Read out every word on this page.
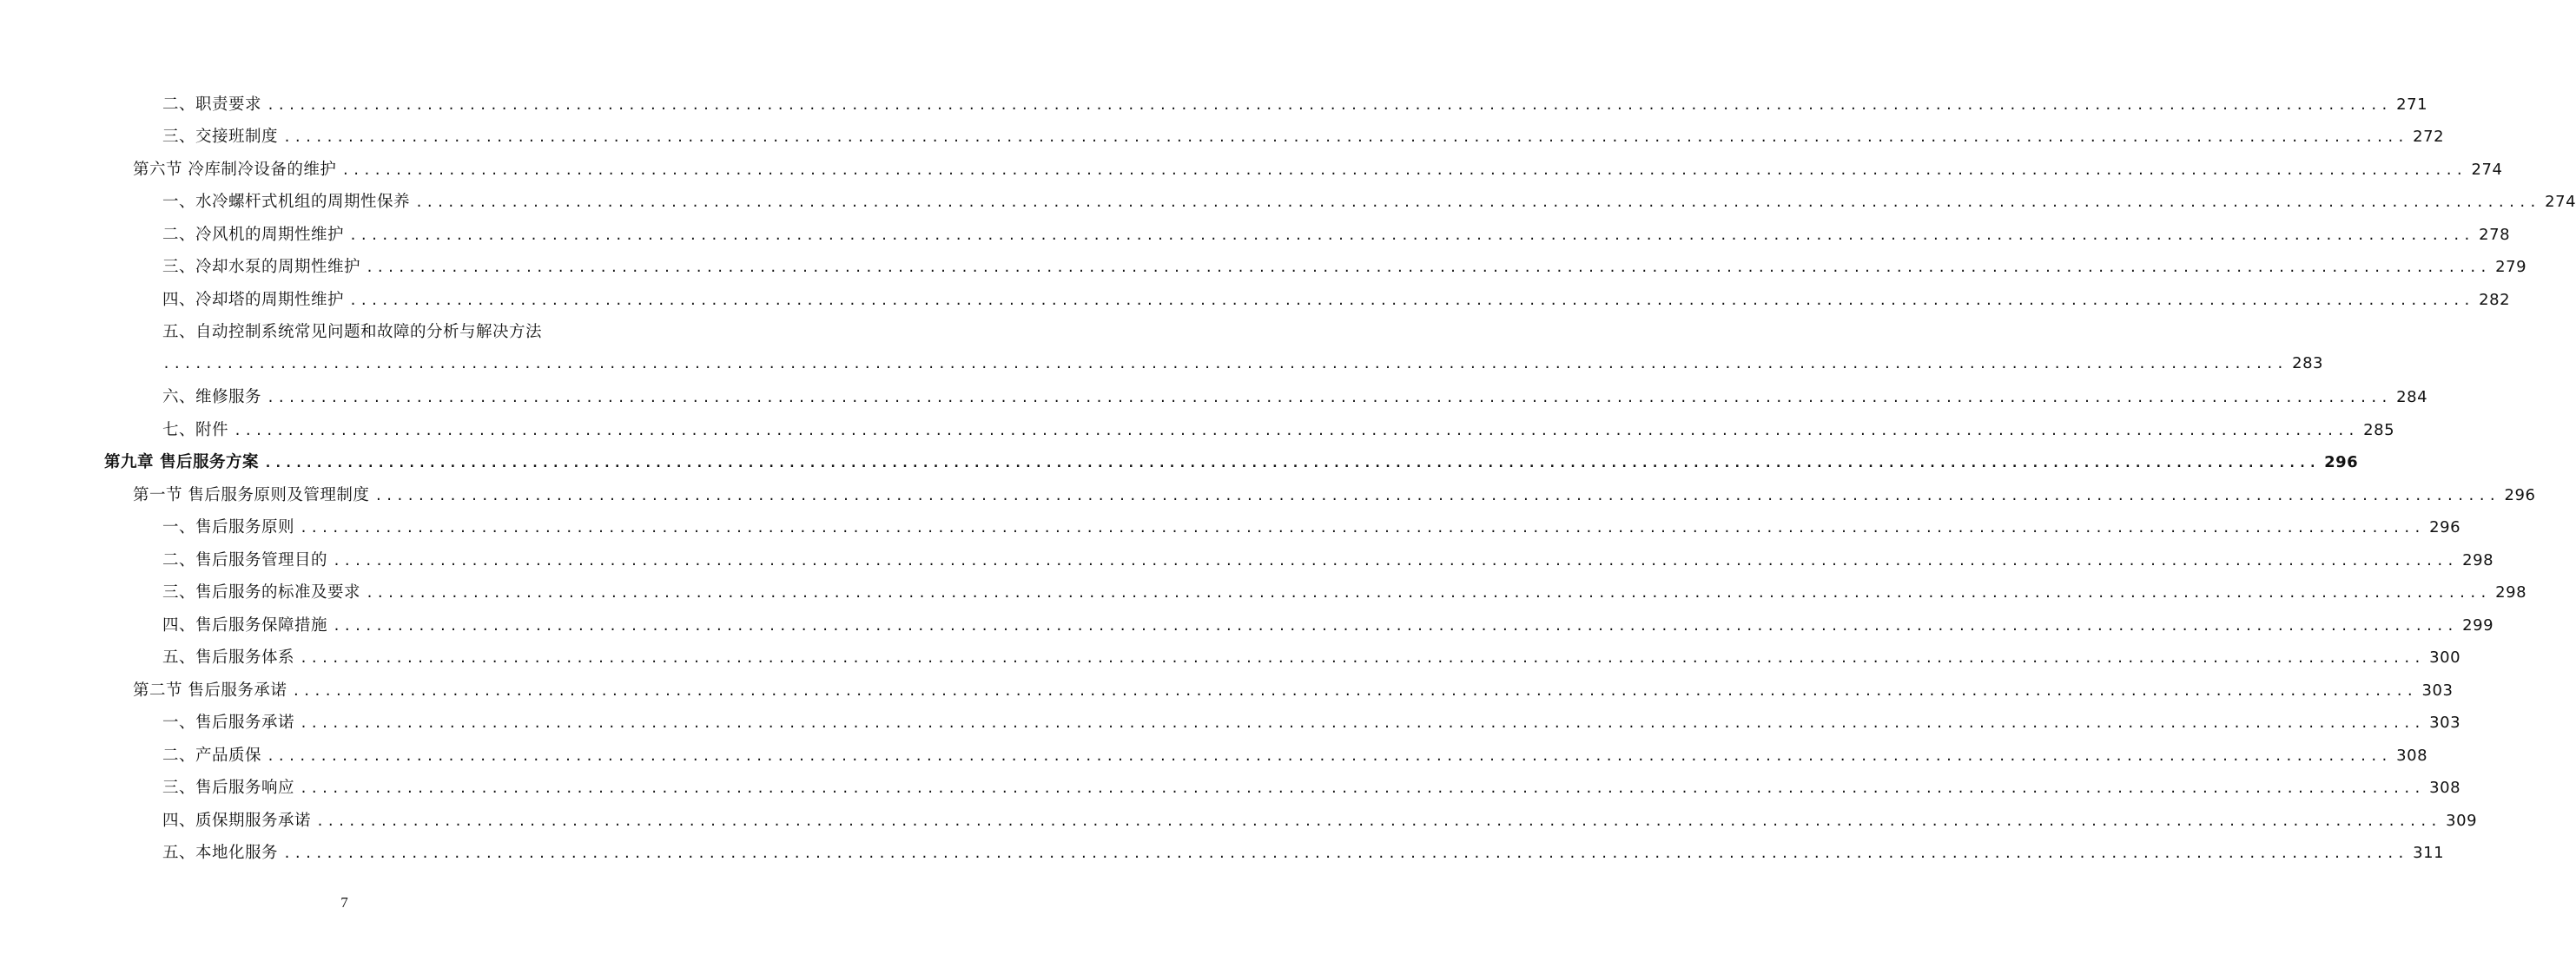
二、职责要求 ........................................................................................................................................................................................................ 271
三、交接班制度 ........................................................................................................................................................................................................ 272
第六节 冷库制冷设备的维护 ........................................................................................................................................................................................................ 274
一、水冷螺杆式机组的周期性保养 ........................................................................................................................................................................................................ 274
二、冷风机的周期性维护 ........................................................................................................................................................................................................ 278
三、冷却水泵的周期性维护 ........................................................................................................................................................................................................ 279
四、冷却塔的周期性维护 ........................................................................................................................................................................................................ 282
五、自动控制系统常见问题和故障的分析与解决方法
........................................................................................................................................................................................................ 283
六、维修服务 ........................................................................................................................................................................................................ 284
七、附件 ........................................................................................................................................................................................................ 285
第九章 售后服务方案 ........................................................................................................................................................................................................ 296
第一节 售后服务原则及管理制度 ........................................................................................................................................................................................................ 296
一、售后服务原则 ........................................................................................................................................................................................................ 296
二、售后服务管理目的 ........................................................................................................................................................................................................ 298
三、售后服务的标准及要求 ........................................................................................................................................................................................................ 298
四、售后服务保障措施 ........................................................................................................................................................................................................ 299
五、售后服务体系 ........................................................................................................................................................................................................ 300
第二节 售后服务承诺 ........................................................................................................................................................................................................ 303
一、售后服务承诺 ........................................................................................................................................................................................................ 303
二、产品质保 ........................................................................................................................................................................................................ 308
三、售后服务响应 ........................................................................................................................................................................................................ 308
四、质保期服务承诺 ........................................................................................................................................................................................................ 309
五、本地化服务 ........................................................................................................................................................................................................ 311
7
